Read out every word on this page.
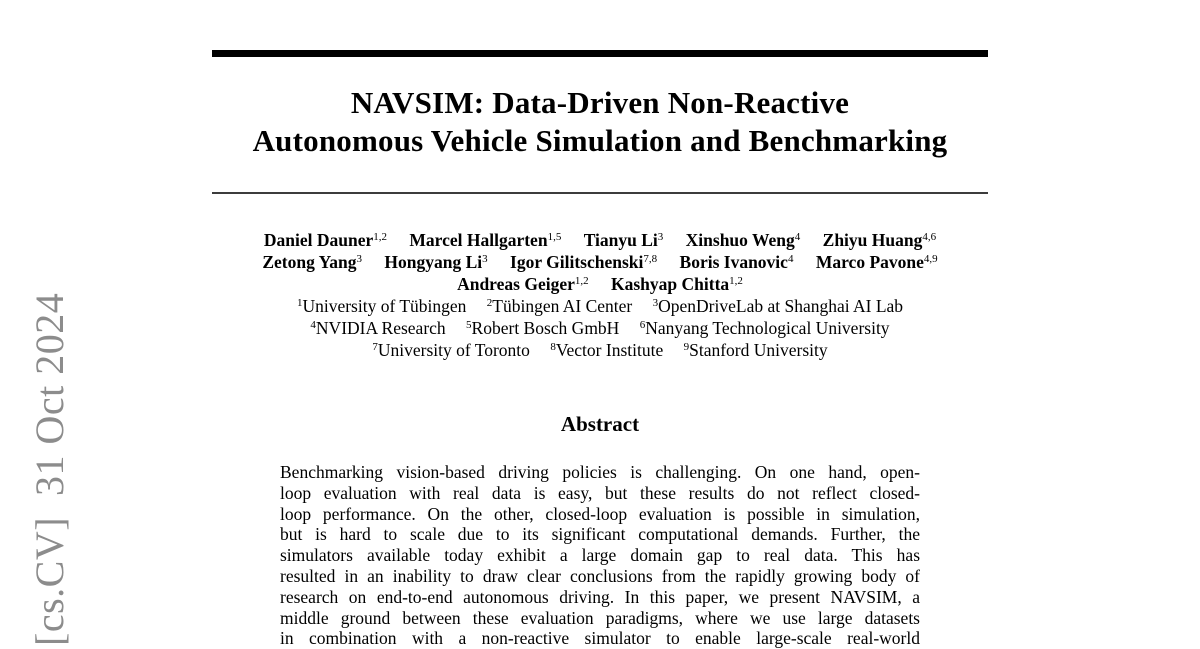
[cs.CV]  31 Oct 2024
NAVSIM: Data-Driven Non-Reactive
Autonomous Vehicle Simulation and Benchmarking
Daniel Dauner$^{1,2}$ Marcel Hallgarten$^{1,5}$ Tianyu Li$^3$ Xinshuo Weng$^4$ Zhiyu Huang$^{4,6}$
Zetong Yang$^3$ Hongyang Li$^3$ Igor Gilitschenski$^{7,8}$ Boris Ivanovic$^4$ Marco Pavone$^{4,9}$
Andreas Geiger$^{1,2}$ Kashyap Chitta$^{1,2}$
$^1$University of Tübingen $^2$Tübingen AI Center $^3$OpenDriveLab at Shanghai AI Lab
$^4$NVIDIA Research $^5$Robert Bosch GmbH $^6$Nanyang Technological University
$^7$University of Toronto $^8$Vector Institute $^9$Stanford University
Abstract
Benchmarking vision-based driving policies is challenging. On one hand, open-
loop evaluation with real data is easy, but these results do not reflect closed-
loop performance. On the other, closed-loop evaluation is possible in simulation,
but is hard to scale due to its significant computational demands. Further, the
simulators available today exhibit a large domain gap to real data. This has
resulted in an inability to draw clear conclusions from the rapidly growing body of
research on end-to-end autonomous driving. In this paper, we present NAVSIM, a
middle ground between these evaluation paradigms, where we use large datasets
in combination with a non-reactive simulator to enable large-scale real-world
